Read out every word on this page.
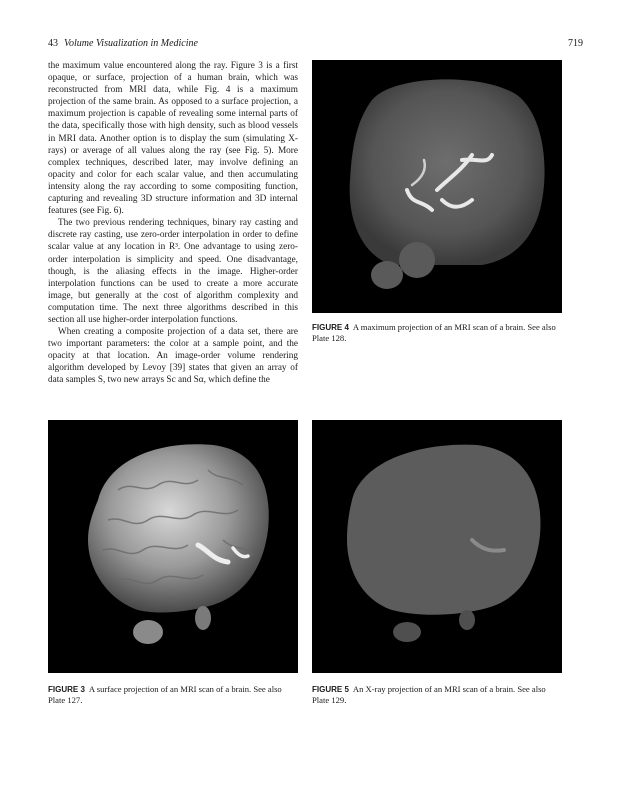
43 Volume Visualization in Medicine	719

the maximum value encountered along the ray. Figure 3 is a first opaque, or surface, projection of a human brain, which was reconstructed from MRI data, while Fig. 4 is a maximum projection of the same brain. As opposed to a surface projection, a maximum projection is capable of revealing some internal parts of the data, specifically those with high density, such as blood vessels in MRI data. Another option is to display the sum (simulating X-rays) or average of all values along the ray (see Fig. 5). More complex techniques, described later, may involve defining an opacity and color for each scalar value, and then accumulating intensity along the ray according to some compositing function, capturing and revealing 3D structure information and 3D internal features (see Fig. 6).

The two previous rendering techniques, binary ray casting and discrete ray casting, use zero-order interpolation in order to define scalar value at any location in R³. One advantage to using zero-order interpolation is simplicity and speed. One disadvantage, though, is the aliasing effects in the image. Higher-order interpolation functions can be used to create a more accurate image, but generally at the cost of algorithm complexity and computation time. The next three algorithms described in this section all use higher-order interpolation functions.

When creating a composite projection of a data set, there are two important parameters: the color at a sample point, and the opacity at that location. An image-order volume rendering algorithm developed by Levoy [39] states that given an array of data samples S, two new arrays Sc and Sα, which define the

FIGURE 4 A maximum projection of an MRI scan of a brain. See also Plate 128.
FIGURE 3 A surface projection of an MRI scan of a brain. See also Plate 127.
FIGURE 5 An X-ray projection of an MRI scan of a brain. See also Plate 129.
